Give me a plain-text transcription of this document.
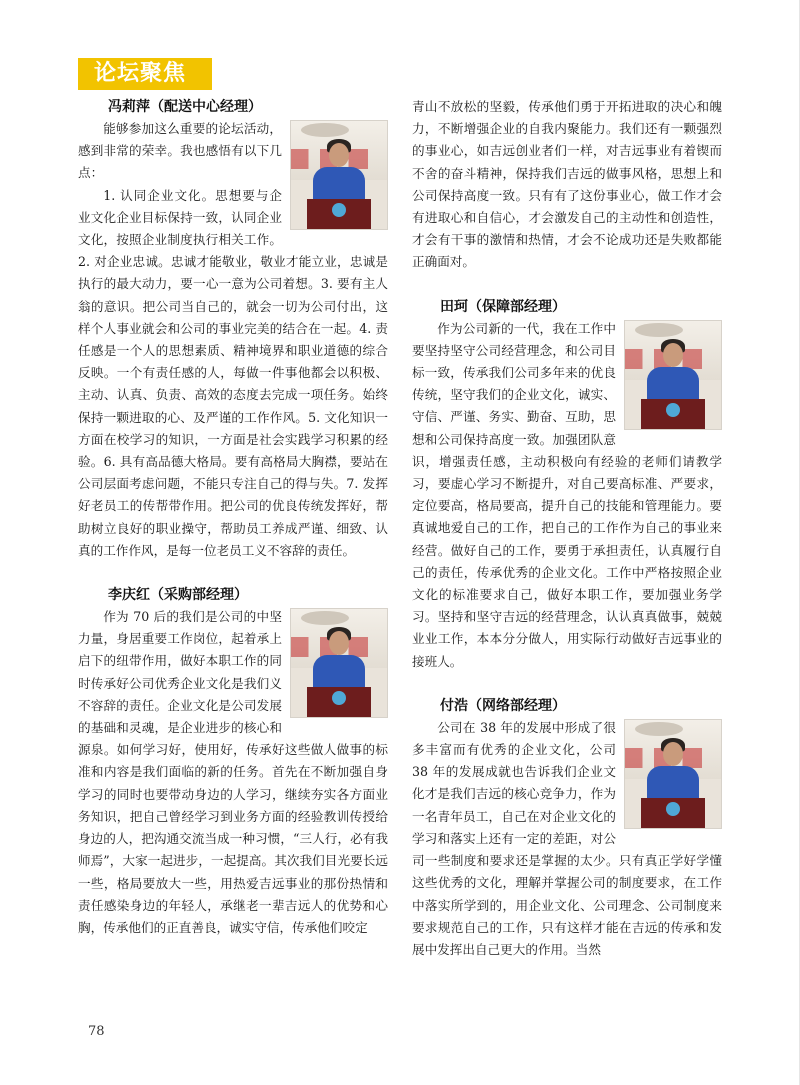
论坛聚焦
冯莉萍（配送中心经理）

能够参加这么重要的论坛活动，感到非常的荣幸。我也感悟有以下几点：

1. 认同企业文化。思想要与企业文化企业目标保持一致，认同企业文化，按照企业制度执行相关工作。2. 对企业忠诚。忠诚才能敬业，敬业才能立业，忠诚是执行的最大动力，要一心一意为公司着想。3. 要有主人翁的意识。把公司当自己的，就会一切为公司付出，这样个人事业就会和公司的事业完美的结合在一起。4. 责任感是一个人的思想素质、精神境界和职业道德的综合反映。一个有责任感的人，每做一件事他都会以积极、主动、认真、负责、高效的态度去完成一项任务。始终保持一颗进取的心、及严谨的工作作风。5. 文化知识一方面在校学习的知识，一方面是社会实践学习积累的经验。6. 具有高品德大格局。要有高格局大胸襟，要站在公司层面考虑问题，不能只专注自己的得与失。7. 发挥好老员工的传帮带作用。把公司的优良传统发挥好，帮助树立良好的职业操守，帮助员工养成严谨、细致、认真的工作作风，是每一位老员工义不容辞的责任。

李庆红（采购部经理）

作为 70 后的我们是公司的中坚力量，身居重要工作岗位，起着承上启下的纽带作用，做好本职工作的同时传承好公司优秀企业文化是我们义不容辞的责任。企业文化是公司发展的基础和灵魂，是企业进步的核心和源泉。如何学习好，使用好，传承好这些做人做事的标准和内容是我们面临的新的任务。首先在不断加强自身学习的同时也要带动身边的人学习，继续夯实各方面业务知识，把自己曾经学习到业务方面的经验教训传授给身边的人，把沟通交流当成一种习惯，“三人行，必有我师焉”，大家一起进步，一起提高。其次我们目光要长远一些，格局要放大一些，用热爱吉远事业的那份热情和责任感染身边的年轻人，承继老一辈吉远人的优势和心胸，传承他们的正直善良，诚实守信，传承他们咬定

青山不放松的坚毅，传承他们勇于开拓进取的决心和魄力，不断增强企业的自我内聚能力。我们还有一颗强烈的事业心，如吉远创业者们一样，对吉远事业有着锲而不舍的奋斗精神，保持我们吉远的做事风格，思想上和公司保持高度一致。只有有了这份事业心，做工作才会有进取心和自信心，才会激发自己的主动性和创造性，才会有干事的激情和热情，才会不论成功还是失败都能正确面对。

田珂（保障部经理）

作为公司新的一代，我在工作中要坚持坚守公司经营理念，和公司目标一致，传承我们公司多年来的优良传统，坚守我们的企业文化，诚实、守信、严谨、务实、勤奋、互助，思想和公司保持高度一致。加强团队意识，增强责任感，主动积极向有经验的老师们请教学习，要虚心学习不断提升，对自己要高标准、严要求，定位要高，格局要高，提升自己的技能和管理能力。要真诚地爱自己的工作，把自己的工作作为自己的事业来经营。做好自己的工作，要勇于承担责任，认真履行自己的责任，传承优秀的企业文化。工作中严格按照企业文化的标准要求自己，做好本职工作，要加强业务学习。坚持和坚守吉远的经营理念，认认真真做事，兢兢业业工作，本本分分做人，用实际行动做好吉远事业的接班人。

付浩（网络部经理）

公司在 38 年的发展中形成了很多丰富而有优秀的企业文化，公司 38 年的发展成就也告诉我们企业文化才是我们吉远的核心竞争力，作为一名青年员工，自己在对企业文化的学习和落实上还有一定的差距，对公司一些制度和要求还是掌握的太少。只有真正学好学懂这些优秀的文化，理解并掌握公司的制度要求，在工作中落实所学到的，用企业文化、公司理念、公司制度来要求规范自己的工作，只有这样才能在吉远的传承和发展中发挥出自己更大的作用。当然

78
